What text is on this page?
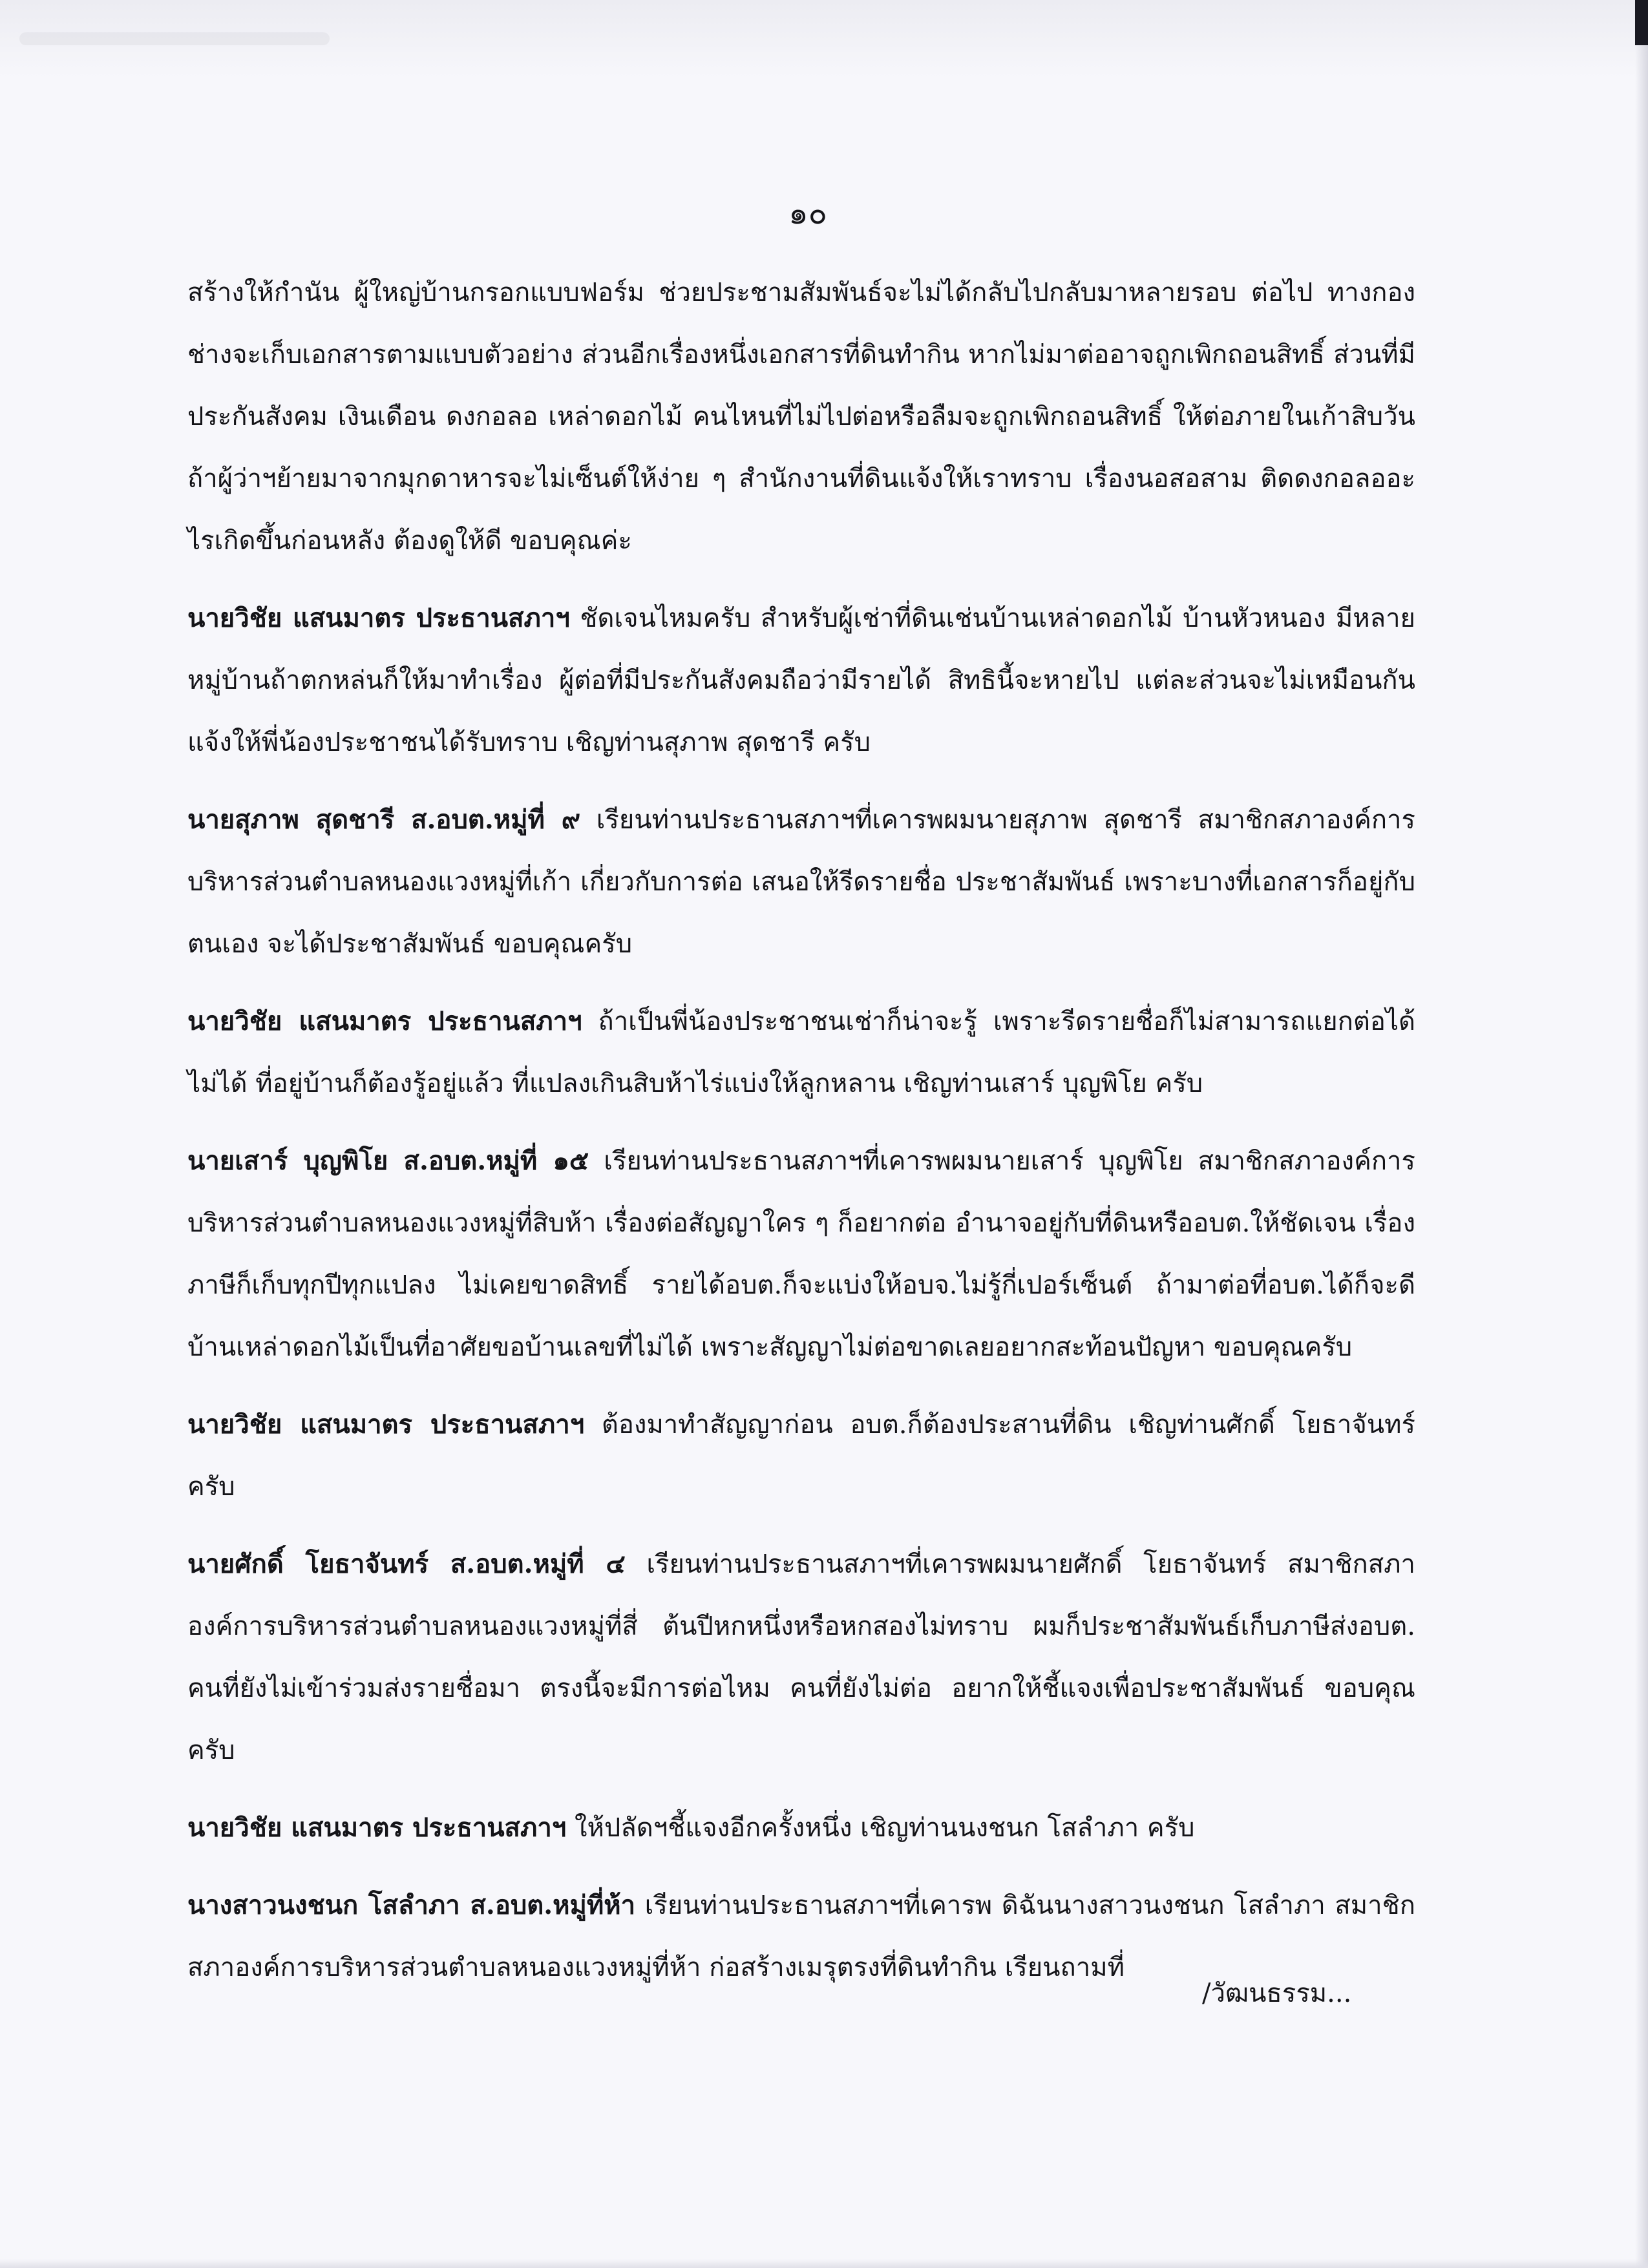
๑๐

สร้างให้กำนัน ผู้ใหญ่บ้านกรอกแบบฟอร์ม ช่วยประชามสัมพันธ์จะไม่ได้กลับไปกลับมาหลายรอบ ต่อไป ทางกองช่างจะเก็บเอกสารตามแบบตัวอย่าง ส่วนอีกเรื่องหนึ่งเอกสารที่ดินทำกิน หากไม่มาต่ออาจถูกเพิกถอนสิทธิ์ ส่วนที่มีประกันสังคม เงินเดือน ดงกอลอ เหล่าดอกไม้ คนไหนที่ไม่ไปต่อหรือลืมจะถูกเพิกถอนสิทธิ์ ให้ต่อภายในเก้าสิบวัน ถ้าผู้ว่าฯย้ายมาจากมุกดาหารจะไม่เซ็นต์ให้ง่าย ๆ สำนักงานที่ดินแจ้งให้เราทราบ เรื่องนอสอสาม ติดดงกอลออะไรเกิดขึ้นก่อนหลัง ต้องดูให้ดี ขอบคุณค่ะ

นายวิชัย แสนมาตร ประธานสภาฯ ชัดเจนไหมครับ สำหรับผู้เช่าที่ดินเช่นบ้านเหล่าดอกไม้ บ้านหัวหนอง มีหลายหมู่บ้านถ้าตกหล่นก็ให้มาทำเรื่อง ผู้ต่อที่มีประกันสังคมถือว่ามีรายได้ สิทธินี้จะหายไป แต่ละส่วนจะไม่เหมือนกันแจ้งให้พี่น้องประชาชนได้รับทราบ เชิญท่านสุภาพ สุดชารี ครับ

นายสุภาพ สุดชารี ส.อบต.หมู่ที่ ๙ เรียนท่านประธานสภาฯที่เคารพผมนายสุภาพ สุดชารี สมาชิกสภาองค์การบริหารส่วนตำบลหนองแวงหมู่ที่เก้า เกี่ยวกับการต่อ เสนอให้รีดรายชื่อ ประชาสัมพันธ์ เพราะบางที่เอกสารก็อยู่กับตนเอง จะได้ประชาสัมพันธ์ ขอบคุณครับ

นายวิชัย แสนมาตร ประธานสภาฯ ถ้าเป็นพี่น้องประชาชนเช่าก็น่าจะรู้ เพราะรีดรายชื่อก็ไม่สามารถแยกต่อได้ ไม่ได้ ที่อยู่บ้านก็ต้องรู้อยู่แล้ว ที่แปลงเกินสิบห้าไร่แบ่งให้ลูกหลาน เชิญท่านเสาร์ บุญพิโย ครับ

นายเสาร์ บุญพิโย ส.อบต.หมู่ที่ ๑๕ เรียนท่านประธานสภาฯที่เคารพผมนายเสาร์ บุญพิโย สมาชิกสภาองค์การบริหารส่วนตำบลหนองแวงหมู่ที่สิบห้า เรื่องต่อสัญญาใคร ๆ ก็อยากต่อ อำนาจอยู่กับที่ดินหรืออบต.ให้ชัดเจน เรื่องภาษีก็เก็บทุกปีทุกแปลง ไม่เคยขาดสิทธิ์ รายได้อบต.ก็จะแบ่งให้อบจ.ไม่รู้กี่เปอร์เซ็นต์ ถ้ามาต่อที่อบต.ได้ก็จะดี บ้านเหล่าดอกไม้เป็นที่อาศัยขอบ้านเลขที่ไม่ได้ เพราะสัญญาไม่ต่อขาดเลยอยากสะท้อนปัญหา ขอบคุณครับ

นายวิชัย แสนมาตร ประธานสภาฯ ต้องมาทำสัญญาก่อน อบต.ก็ต้องประสานที่ดิน เชิญท่านศักดิ์ โยธาจันทร์ ครับ

นายศักดิ์ โยธาจันทร์ ส.อบต.หมู่ที่ ๔ เรียนท่านประธานสภาฯที่เคารพผมนายศักดิ์ โยธาจันทร์ สมาชิกสภาองค์การบริหารส่วนตำบลหนองแวงหมู่ที่สี่ ต้นปีหกหนึ่งหรือหกสองไม่ทราบ ผมก็ประชาสัมพันธ์เก็บภาษีส่งอบต. คนที่ยังไม่เข้าร่วมส่งรายชื่อมา ตรงนี้จะมีการต่อไหม คนที่ยังไม่ต่อ อยากให้ชี้แจงเพื่อประชาสัมพันธ์ ขอบคุณครับ

นายวิชัย แสนมาตร ประธานสภาฯ ให้ปลัดฯชี้แจงอีกครั้งหนึ่ง เชิญท่านนงชนก โสลำภา ครับ

นางสาวนงชนก โสลำภา ส.อบต.หมู่ที่ห้า เรียนท่านประธานสภาฯที่เคารพ ดิฉันนางสาวนงชนก โสลำภา สมาชิกสภาองค์การบริหารส่วนตำบลหนองแวงหมู่ที่ห้า ก่อสร้างเมรุตรงที่ดินทำกิน เรียนถามที่

/วัฒนธรรม...
